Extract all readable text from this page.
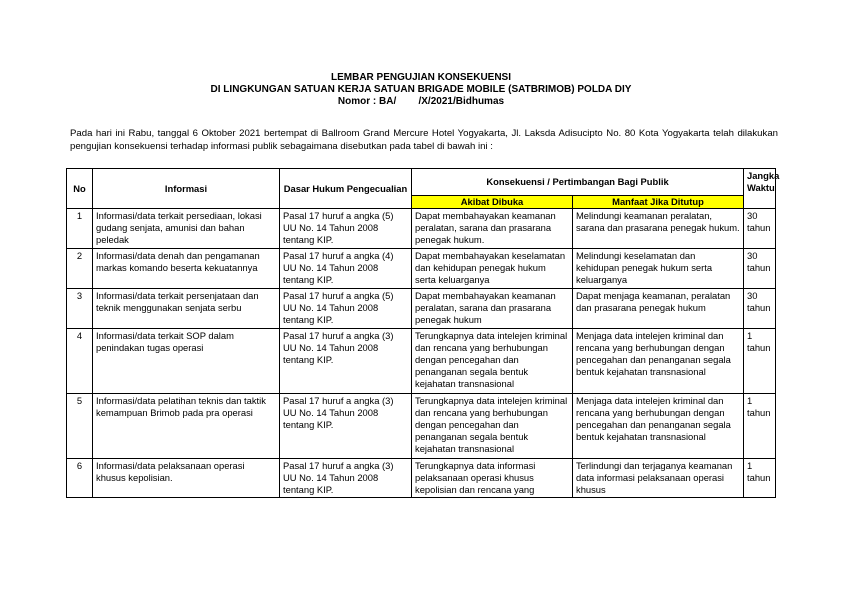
LEMBAR PENGUJIAN KONSEKUENSI
DI LINGKUNGAN SATUAN KERJA SATUAN BRIGADE MOBILE (SATBRIMOB) POLDA DIY
Nomor : BA/        /X/2021/Bidhumas
Pada hari ini Rabu, tanggal 6 Oktober 2021 bertempat di Ballroom Grand Mercure Hotel Yogyakarta, Jl. Laksda Adisucipto No. 80 Kota Yogyakarta telah dilakukan pengujian konsekuensi terhadap informasi publik sebagaimana disebutkan pada tabel di bawah ini :
No	Informasi	Dasar Hukum Pengecualian	Konsekuensi / Pertimbangan Bagi Publik		Jangka Waktu
			Akibat Dibuka	Manfaat Jika Ditutup	
1	Informasi/data terkait persediaan, lokasi gudang senjata, amunisi dan bahan peledak	Pasal 17 huruf a angka (5) UU No. 14 Tahun 2008 tentang KIP.	Dapat membahayakan keamanan peralatan, sarana dan prasarana penegak hukum.	Melindungi keamanan peralatan, sarana dan prasarana penegak hukum.	30 tahun
2	Informasi/data denah dan pengamanan markas komando beserta kekuatannya	Pasal 17 huruf a angka (4) UU No. 14 Tahun 2008 tentang KIP.	Dapat membahayakan keselamatan dan kehidupan penegak hukum serta keluarganya	Melindungi keselamatan dan kehidupan penegak hukum serta keluarganya	30 tahun
3	Informasi/data terkait persenjataan dan teknik menggunakan senjata serbu	Pasal 17 huruf a angka (5) UU No. 14 Tahun 2008 tentang KIP.	Dapat membahayakan keamanan peralatan, sarana dan prasarana penegak hukum	Dapat menjaga keamanan, peralatan dan prasarana penegak hukum	30 tahun
4	Informasi/data terkait SOP dalam penindakan tugas operasi	Pasal 17 huruf a angka (3) UU No. 14 Tahun 2008 tentang KIP.	Terungkapnya data intelejen kriminal dan rencana yang berhubungan dengan pencegahan dan penanganan segala bentuk kejahatan transnasional	Menjaga data intelejen kriminal dan rencana yang berhubungan dengan pencegahan dan penanganan segala bentuk kejahatan transnasional	1 tahun
5	Informasi/data pelatihan teknis dan taktik kemampuan Brimob pada pra operasi	Pasal 17 huruf a angka (3) UU No. 14 Tahun 2008 tentang KIP.	Terungkapnya data intelejen kriminal dan rencana yang berhubungan dengan pencegahan dan penanganan segala bentuk kejahatan transnasional	Menjaga data intelejen kriminal dan rencana yang berhubungan dengan pencegahan dan penanganan segala bentuk kejahatan transnasional	1 tahun
6	Informasi/data pelaksanaan operasi khusus kepolisian.	Pasal 17 huruf a angka (3) UU No. 14 Tahun 2008 tentang KIP.	Terungkapnya data informasi pelaksanaan operasi khusus kepolisian dan rencana yang	Terlindungi dan terjaganya keamanan data informasi pelaksanaan operasi khusus	1 tahun
